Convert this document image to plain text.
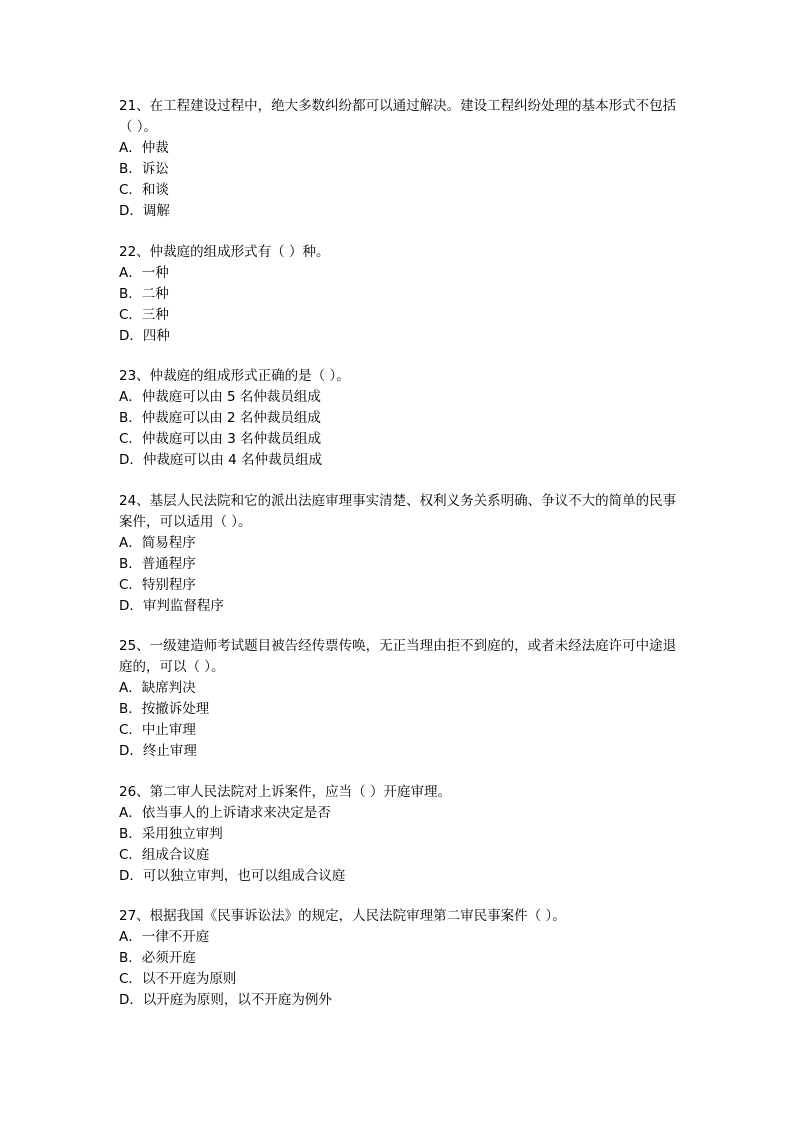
21、在工程建设过程中，绝大多数纠纷都可以通过解决。建设工程纠纷处理的基本形式不包括（ ）。
A．仲裁
B．诉讼
C．和谈
D．调解
22、仲裁庭的组成形式有（ ）种。
A．一种
B．二种
C．三种
D．四种
23、仲裁庭的组成形式正确的是（ ）。
A．仲裁庭可以由 5 名仲裁员组成
B．仲裁庭可以由 2 名仲裁员组成
C．仲裁庭可以由 3 名仲裁员组成
D．仲裁庭可以由 4 名仲裁员组成
24、基层人民法院和它的派出法庭审理事实清楚、权利义务关系明确、争议不大的简单的民事案件，可以适用（ ）。
A．简易程序
B．普通程序
C．特别程序
D．审判监督程序
25、一级建造师考试题目被告经传票传唤，无正当理由拒不到庭的，或者未经法庭许可中途退庭的，可以（ ）。
A．缺席判决
B．按撤诉处理
C．中止审理
D．终止审理
26、第二审人民法院对上诉案件，应当（ ）开庭审理。
A．依当事人的上诉请求来决定是否
B．采用独立审判
C．组成合议庭
D．可以独立审判，也可以组成合议庭
27、根据我国《民事诉讼法》的规定，人民法院审理第二审民事案件（ ）。
A．一律不开庭
B．必须开庭
C．以不开庭为原则
D．以开庭为原则，以不开庭为例外
